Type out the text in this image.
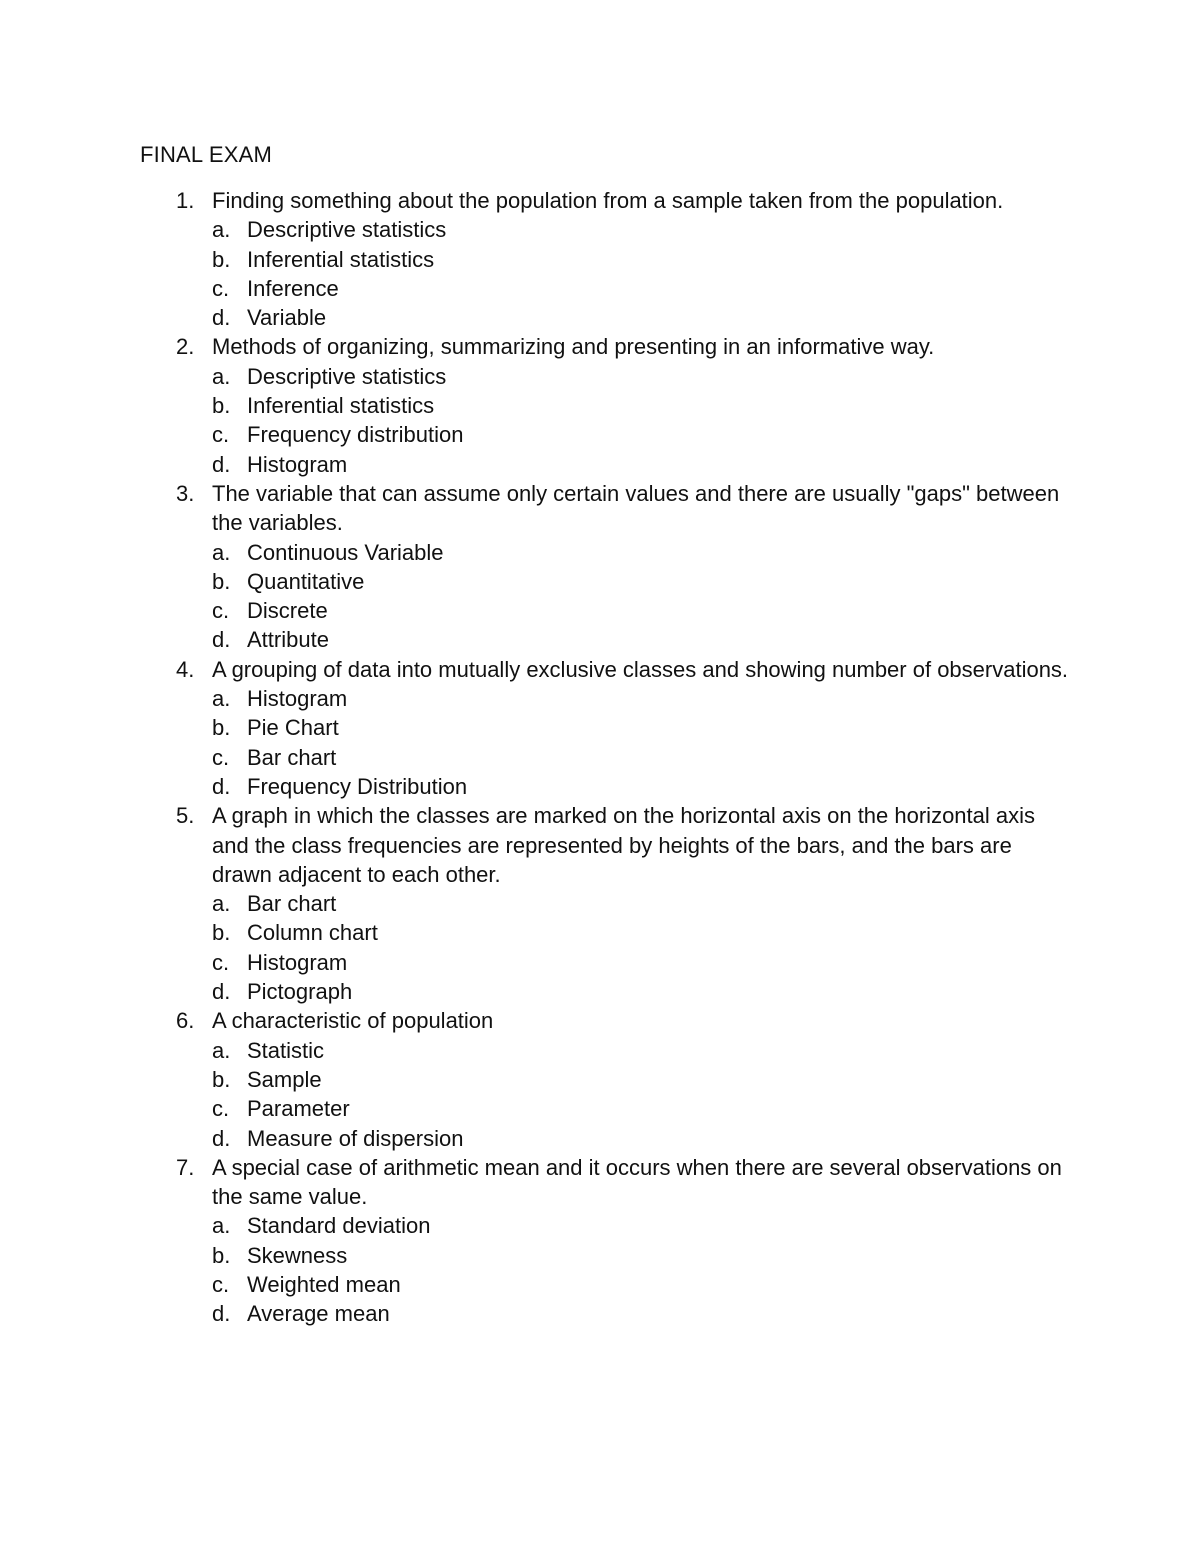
FINAL EXAM
1. Finding something about the population from a sample taken from the population.
a. Descriptive statistics
b. Inferential statistics
c. Inference
d. Variable
2. Methods of organizing, summarizing and presenting in an informative way.
a. Descriptive statistics
b. Inferential statistics
c. Frequency distribution
d. Histogram
3. The variable that can assume only certain values and there are usually "gaps" between the variables.
a. Continuous Variable
b. Quantitative
c. Discrete
d. Attribute
4. A grouping of data into mutually exclusive classes and showing number of observations.
a. Histogram
b. Pie Chart
c. Bar chart
d. Frequency Distribution
5. A graph in which the classes are marked on the horizontal axis on the horizontal axis and the class frequencies are represented by heights of the bars, and the bars are drawn adjacent to each other.
a. Bar chart
b. Column chart
c. Histogram
d. Pictograph
6. A characteristic of population
a. Statistic
b. Sample
c. Parameter
d. Measure of dispersion
7. A special case of arithmetic mean and it occurs when there are several observations on the same value.
a. Standard deviation
b. Skewness
c. Weighted mean
d. Average mean
